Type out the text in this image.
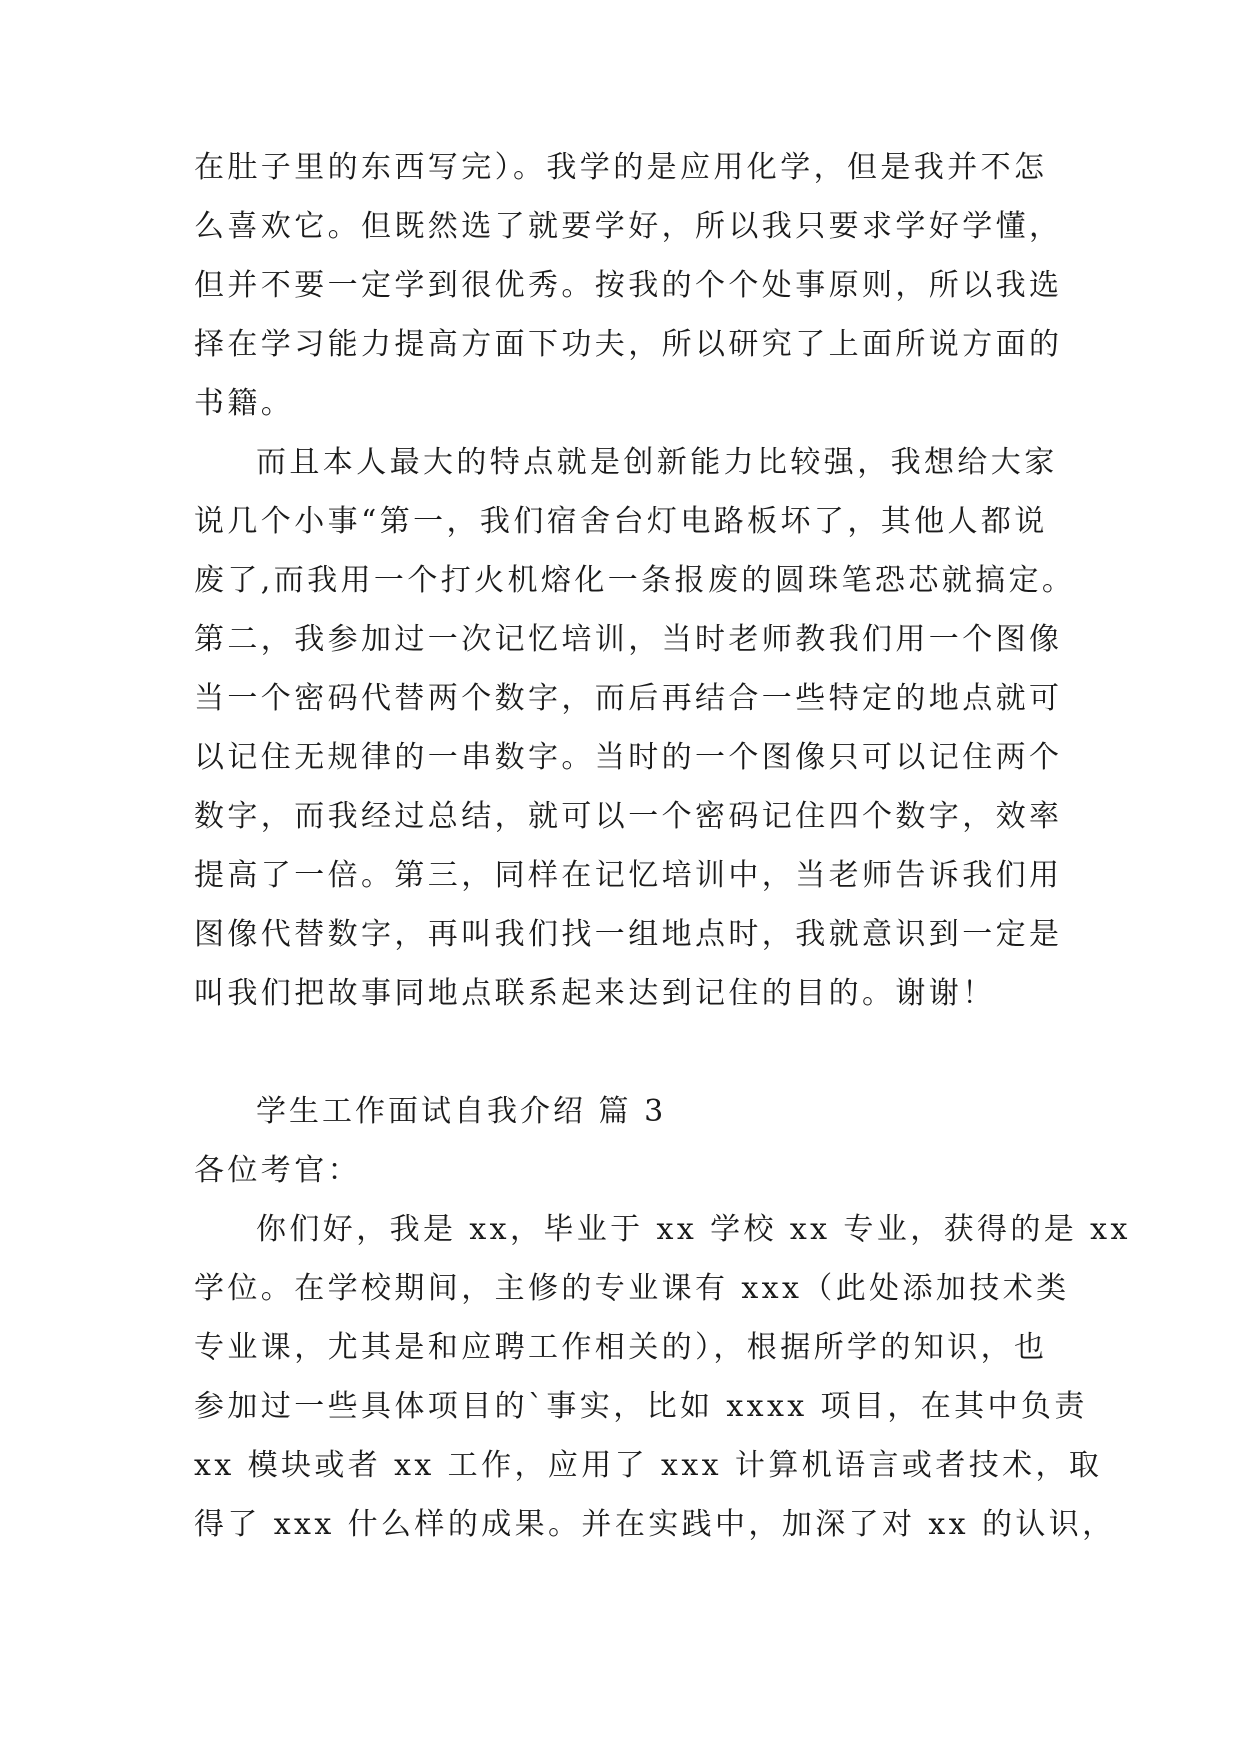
在肚子里的东西写完）。我学的是应用化学，但是我并不怎
么喜欢它。但既然选了就要学好，所以我只要求学好学懂，
但并不要一定学到很优秀。按我的个个处事原则，所以我选
择在学习能力提高方面下功夫，所以研究了上面所说方面的
书籍。
而且本人最大的特点就是创新能力比较强，我想给大家
说几个小事“第一，我们宿舍台灯电路板坏了，其他人都说
废了,而我用一个打火机熔化一条报废的圆珠笔恐芯就搞定。
第二，我参加过一次记忆培训，当时老师教我们用一个图像
当一个密码代替两个数字，而后再结合一些特定的地点就可
以记住无规律的一串数字。当时的一个图像只可以记住两个
数字，而我经过总结，就可以一个密码记住四个数字，效率
提高了一倍。第三，同样在记忆培训中，当老师告诉我们用
图像代替数字，再叫我们找一组地点时，我就意识到一定是
叫我们把故事同地点联系起来达到记住的目的。谢谢！
学生工作面试自我介绍 篇 3
各位考官：
你们好，我是 xx，毕业于 xx 学校 xx 专业，获得的是 xx
学位。在学校期间，主修的专业课有 xxx（此处添加技术类
专业课，尤其是和应聘工作相关的），根据所学的知识，也
参加过一些具体项目的`事实，比如 xxxx 项目，在其中负责
xx 模块或者 xx 工作，应用了 xxx 计算机语言或者技术，取
得了 xxx 什么样的成果。并在实践中，加深了对 xx 的认识，
